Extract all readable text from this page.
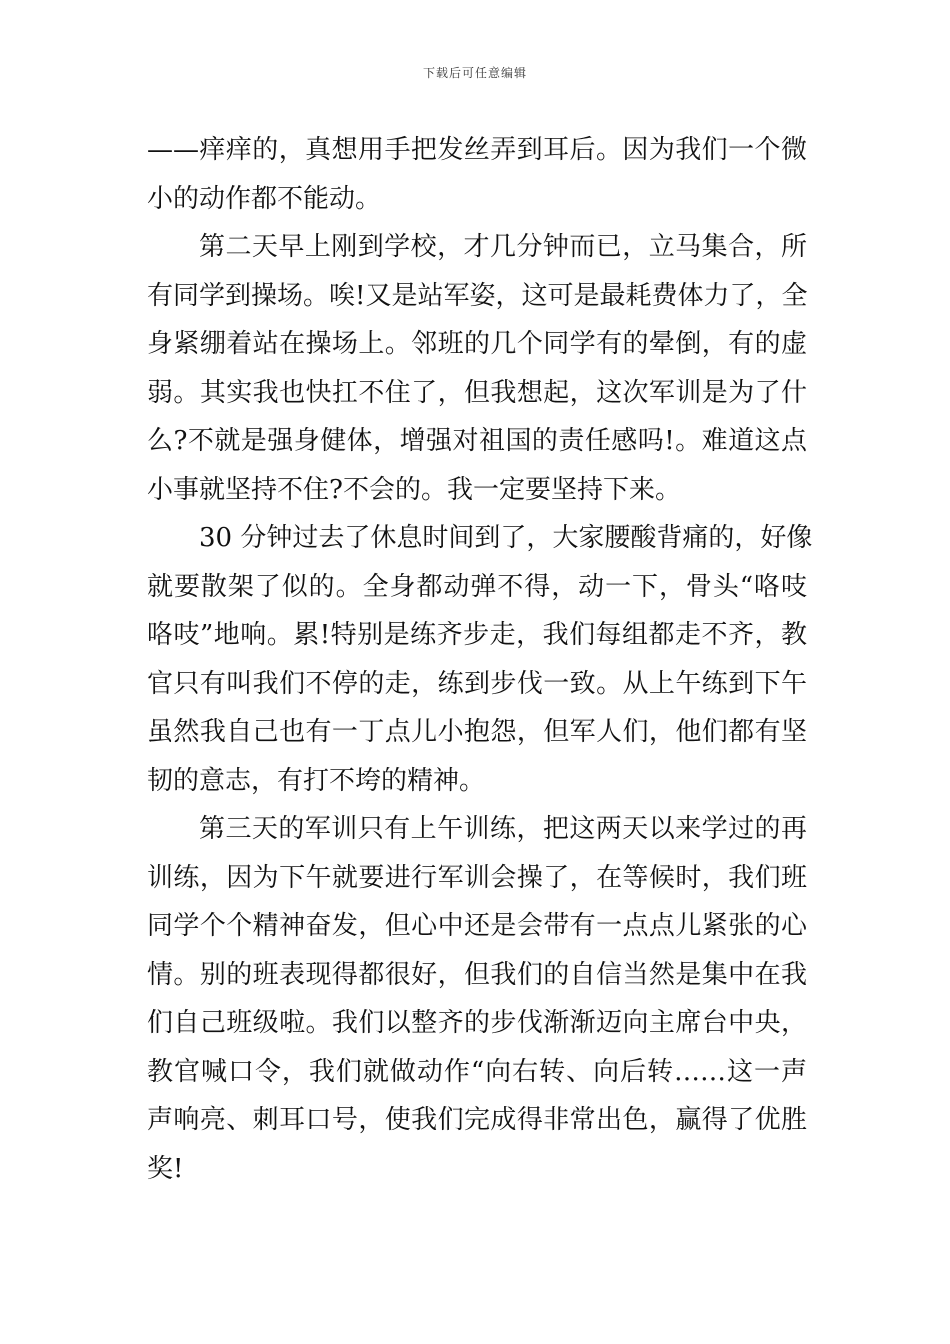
下载后可任意编辑
——痒痒的，真想用手把发丝弄到耳后。因为我们一个微
小的动作都不能动。
第二天早上刚到学校，才几分钟而已，立马集合，所
有同学到操场。唉!又是站军姿，这可是最耗费体力了，全
身紧绷着站在操场上。邻班的几个同学有的晕倒，有的虚
弱。其实我也快扛不住了，但我想起，这次军训是为了什
么?不就是强身健体，增强对祖国的责任感吗!。难道这点
小事就坚持不住?不会的。我一定要坚持下来。
30 分钟过去了休息时间到了，大家腰酸背痛的，好像
就要散架了似的。全身都动弹不得，动一下，骨头“咯吱
咯吱”地响。累!特别是练齐步走，我们每组都走不齐，教
官只有叫我们不停的走，练到步伐一致。从上午练到下午
虽然我自己也有一丁点儿小抱怨，但军人们，他们都有坚
韧的意志，有打不垮的精神。
第三天的军训只有上午训练，把这两天以来学过的再
训练，因为下午就要进行军训会操了，在等候时，我们班
同学个个精神奋发，但心中还是会带有一点点儿紧张的心
情。别的班表现得都很好，但我们的自信当然是集中在我
们自己班级啦。我们以整齐的步伐渐渐迈向主席台中央，
教官喊口令，我们就做动作“向右转、向后转……这一声
声响亮、刺耳口号，使我们完成得非常出色，赢得了优胜
奖!
